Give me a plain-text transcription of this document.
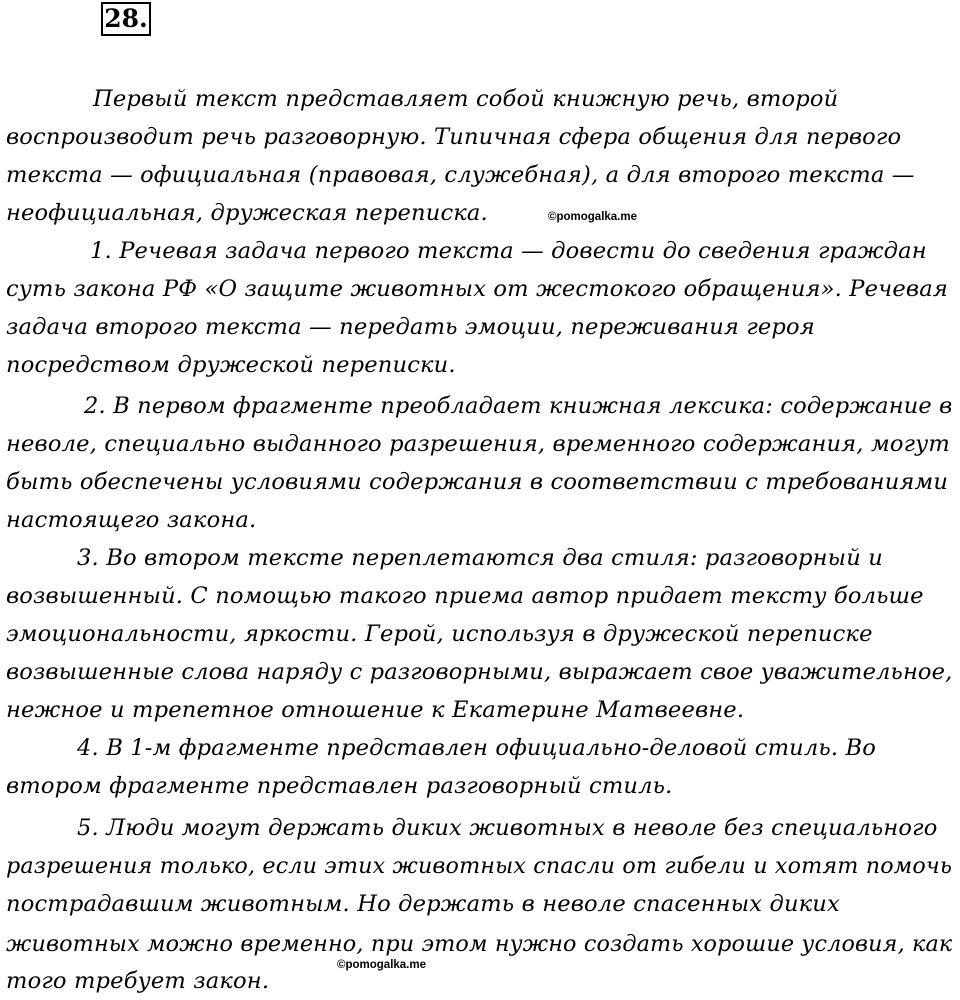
28.
Первый текст представляет собой книжную речь, второй
воспроизводит речь разговорную. Типичная сфера общения для первого
текста — официальная (правовая, служебная), а для второго текста —
неофициальная, дружеская переписка.	©pomogalka.me
1. Речевая задача первого текста — довести до сведения граждан
суть закона РФ «О защите животных от жестокого обращения». Речевая
задача второго текста — передать эмоции, переживания героя
посредством дружеской переписки.
2. В первом фрагменте преобладает книжная лексика: содержание в
неволе, специально выданного разрешения, временного содержания, могут
быть обеспечены условиями содержания в соответствии с требованиями
настоящего закона.
3. Во втором тексте переплетаются два стиля: разговорный и
возвышенный. С помощью такого приема автор придает тексту больше
эмоциональности, яркости. Герой, используя в дружеской переписке
возвышенные слова наряду с разговорными, выражает свое уважительное,
нежное и трепетное отношение к Екатерине Матвеевне.
4. В 1-м фрагменте представлен официально-деловой стиль. Во
втором фрагменте представлен разговорный стиль.
5. Люди могут держать диких животных в неволе без специального
разрешения только, если этих животных спасли от гибели и хотят помочь
пострадавшим животным. Но держать в неволе спасенных диких
животных можно временно, при этом нужно создать хорошие условия, как
©pomogalka.me
того требует закон.
